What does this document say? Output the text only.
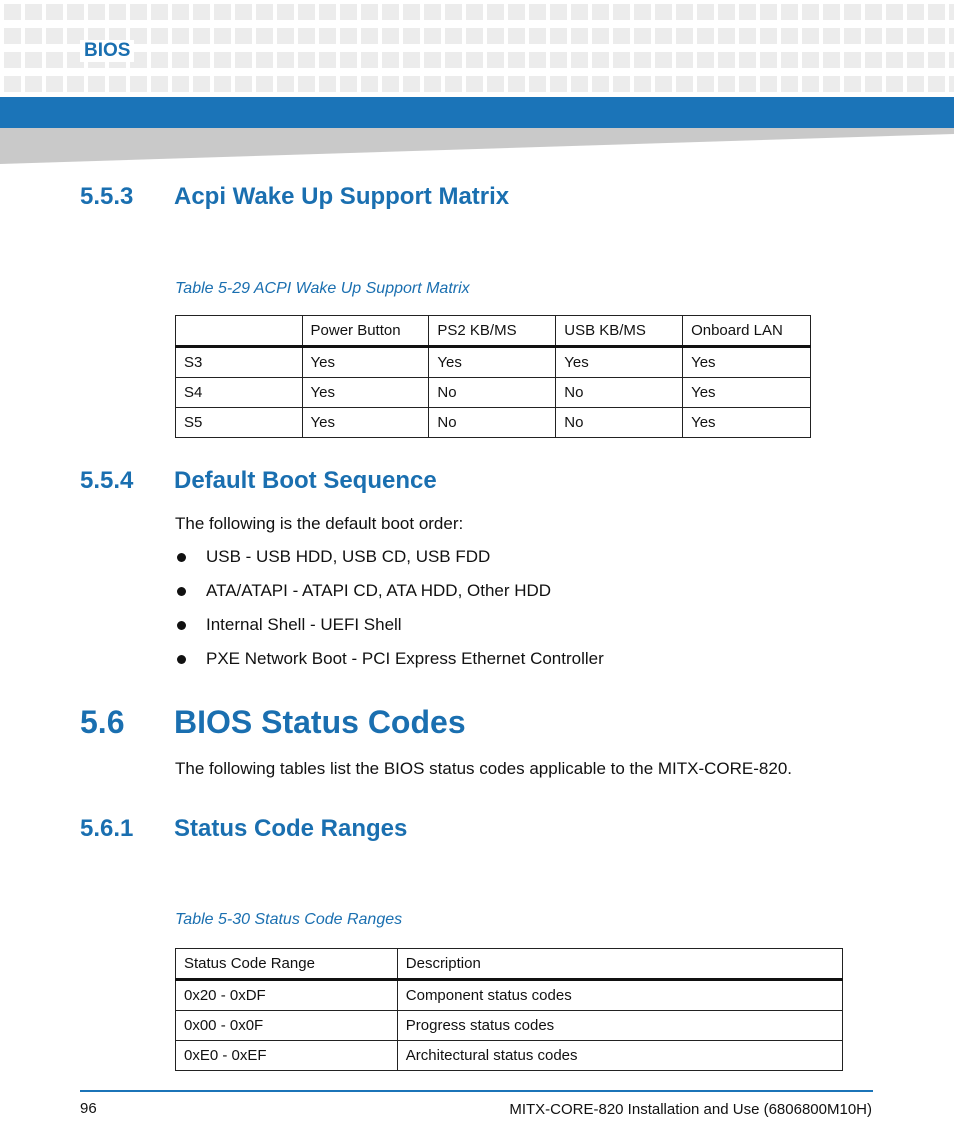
BIOS
5.5.3 Acpi Wake Up Support Matrix
Table 5-29 ACPI Wake Up Support Matrix
	Power Button	PS2 KB/MS	USB KB/MS	Onboard LAN
S3	Yes	Yes	Yes	Yes
S4	Yes	No	No	Yes
S5	Yes	No	No	Yes
5.5.4 Default Boot Sequence
The following is the default boot order:
USB - USB HDD, USB CD, USB FDD
ATA/ATAPI - ATAPI CD, ATA HDD, Other HDD
Internal Shell - UEFI Shell
PXE Network Boot - PCI Express Ethernet Controller
5.6 BIOS Status Codes
The following tables list the BIOS status codes applicable to the MITX-CORE-820.
5.6.1 Status Code Ranges
Table 5-30 Status Code Ranges
Status Code Range	Description
0x20 - 0xDF	Component status codes
0x00 - 0x0F	Progress status codes
0xE0 - 0xEF	Architectural status codes
96	MITX-CORE-820 Installation and Use (6806800M10H)
